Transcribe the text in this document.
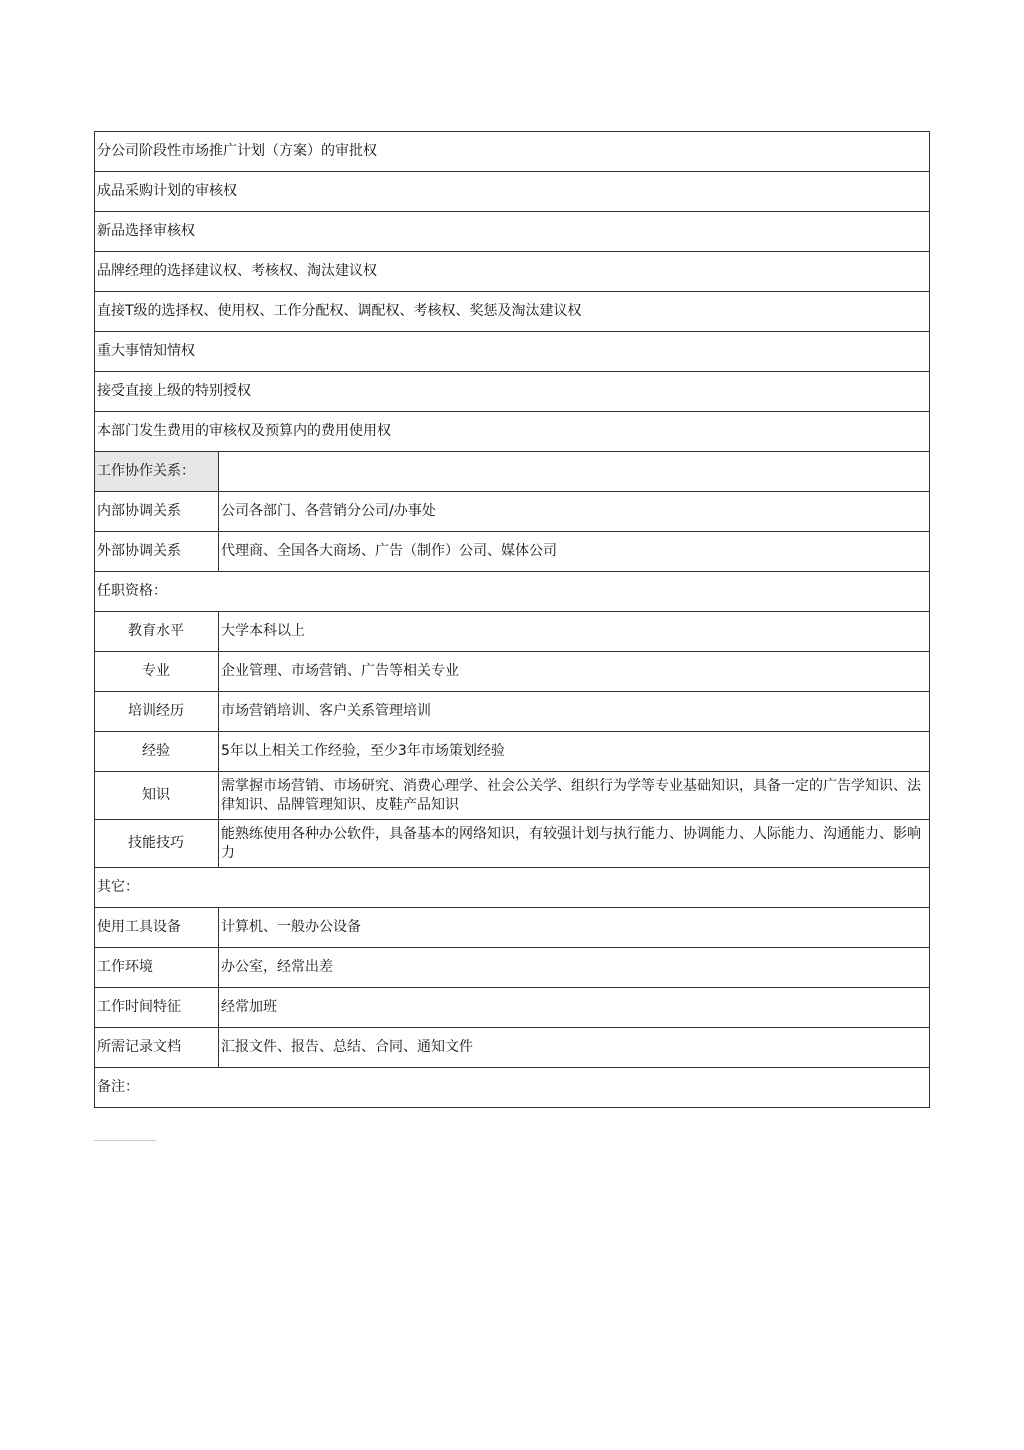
分公司阶段性市场推广计划（方案）的审批权	
成品采购计划的审核权	
新品选择审核权	
品牌经理的选择建议权、考核权、淘汰建议权	
直接T级的选择权、使用权、工作分配权、调配权、考核权、奖惩及淘汰建议权	
重大事情知情权	
接受直接上级的特别授权	
本部门发生费用的审核权及预算内的费用使用权	
工作协作关系：	
内部协调关系	公司各部门、各营销分公司/办事处
外部协调关系	代理商、全国各大商场、广告（制作）公司、媒体公司
任职资格：	
教育水平	大学本科以上
专业	企业管理、市场营销、广告等相关专业
培训经历	市场营销培训、客户关系管理培训
经验	5年以上相关工作经验，至少3年市场策划经验
知识	需掌握市场营销、市场研究、消费心理学、社会公关学、组织行为学等专业基础知识，具备一定的广告学知识、法律知识、品牌管理知识、皮鞋产品知识
技能技巧	能熟练使用各种办公软件，具备基本的网络知识，有较强计划与执行能力、协调能力、人际能力、沟通能力、影响力
其它：	
使用工具设备	计算机、一般办公设备
工作环境	办公室，经常出差
工作时间特征	经常加班
所需记录文档	汇报文件、报告、总结、合同、通知文件
备注：	
